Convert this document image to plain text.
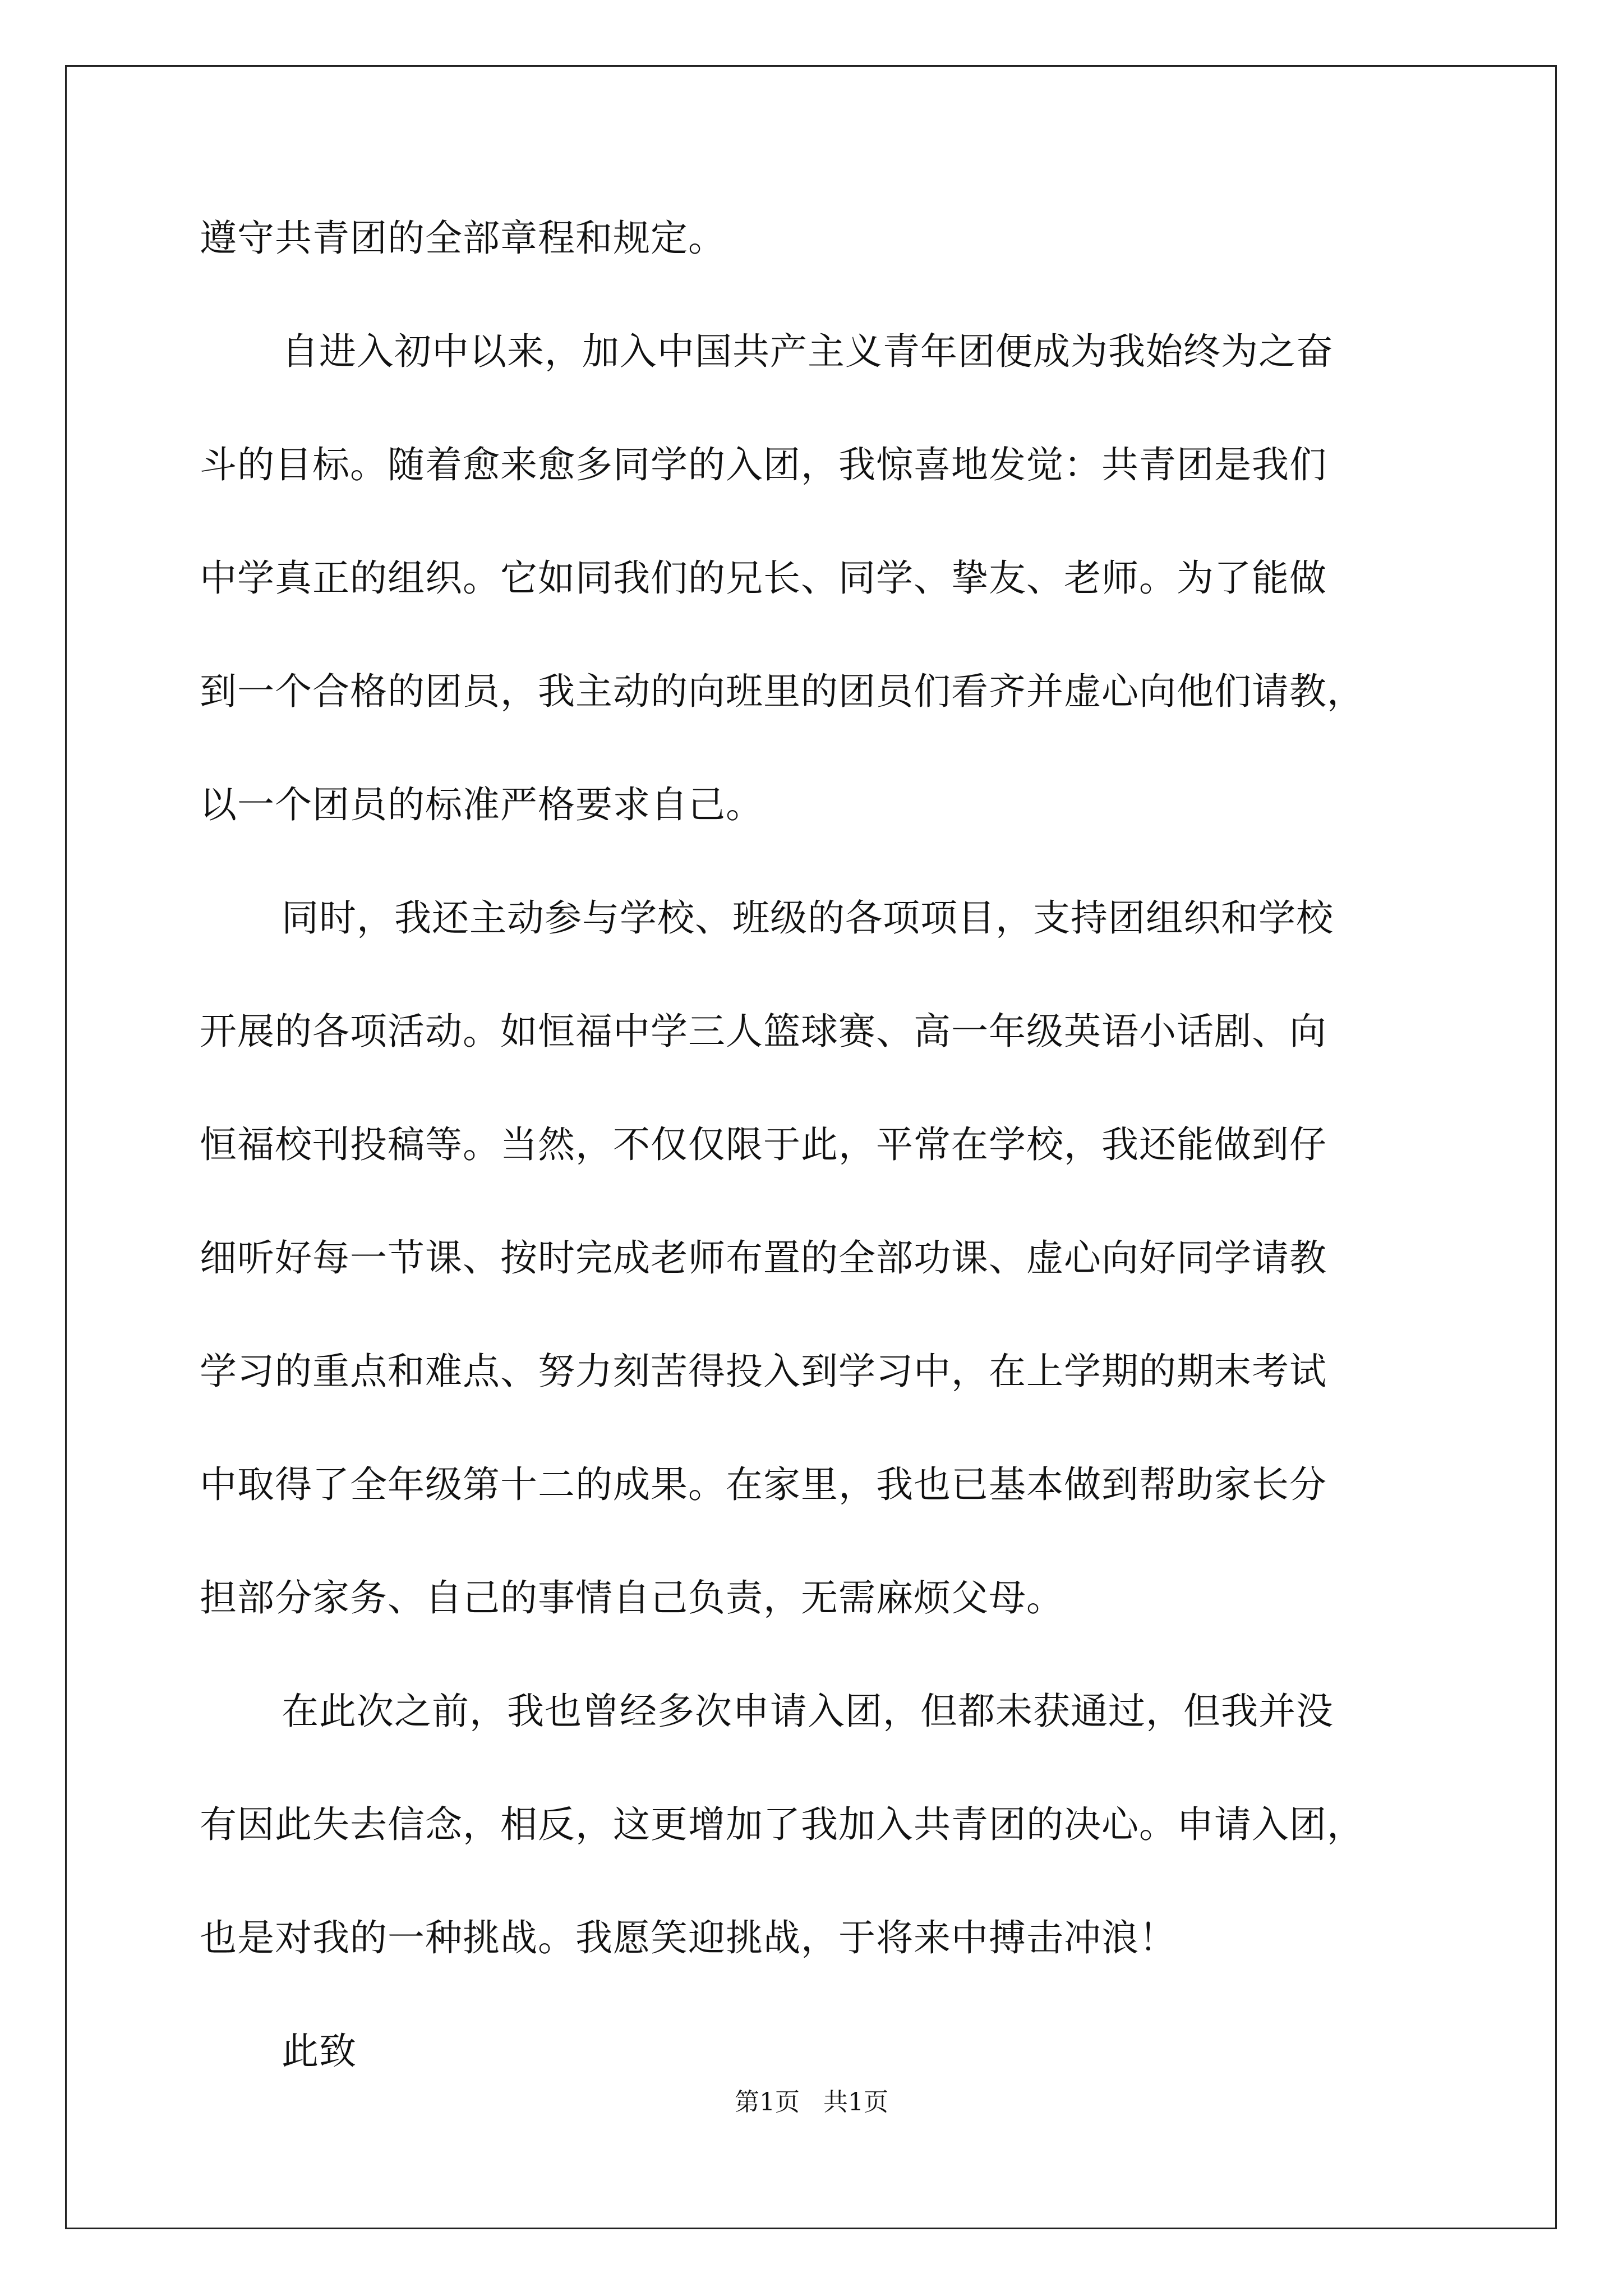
遵守共青团的全部章程和规定。
自进入初中以来，加入中国共产主义青年团便成为我始终为之奋
斗的目标。随着愈来愈多同学的入团，我惊喜地发觉：共青团是我们
中学真正的组织。它如同我们的兄长、同学、挚友、老师。为了能做
到一个合格的团员，我主动的向班里的团员们看齐并虚心向他们请教，
以一个团员的标准严格要求自己。
同时，我还主动参与学校、班级的各项项目，支持团组织和学校
开展的各项活动。如恒福中学三人篮球赛、高一年级英语小话剧、向
恒福校刊投稿等。当然，不仅仅限于此，平常在学校，我还能做到仔
细听好每一节课、按时完成老师布置的全部功课、虚心向好同学请教
学习的重点和难点、努力刻苦得投入到学习中，在上学期的期末考试
中取得了全年级第十二的成果。在家里，我也已基本做到帮助家长分
担部分家务、自己的事情自己负责，无需麻烦父母。
在此次之前，我也曾经多次申请入团，但都未获通过，但我并没
有因此失去信念，相反，这更增加了我加入共青团的决心。申请入团，
也是对我的一种挑战。我愿笑迎挑战，于将来中搏击冲浪！
此致
第1页 共1页
